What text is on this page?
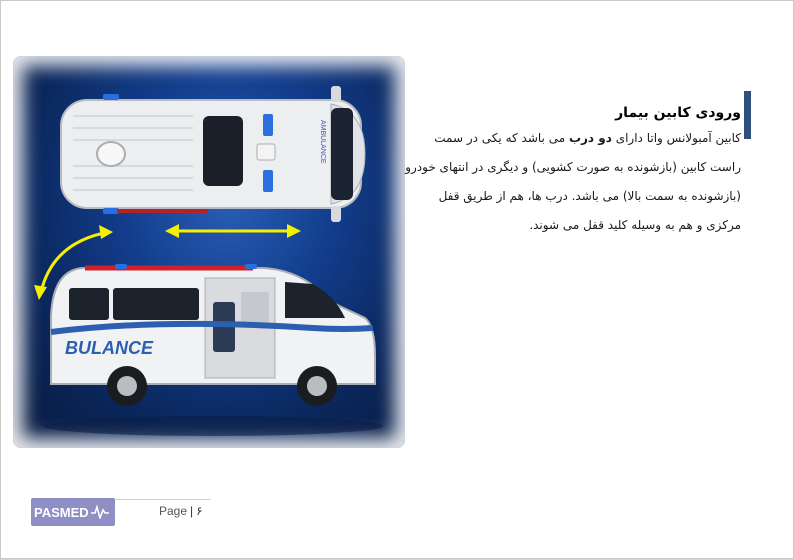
AMBULANCE
BULANCE
ورودی کابین بیمار
کابین آمبولانس واتا دارای دو درب می باشد که یکی در سمت راست کابین (بازشونده به صورت کشویی) و دیگری در انتهای خودرو (بازشونده به سمت بالا) می باشد. درب ها، هم از طریق قفل مرکزی و هم به وسیله کلید قفل می شوند.
PASMED	Page | ۶
